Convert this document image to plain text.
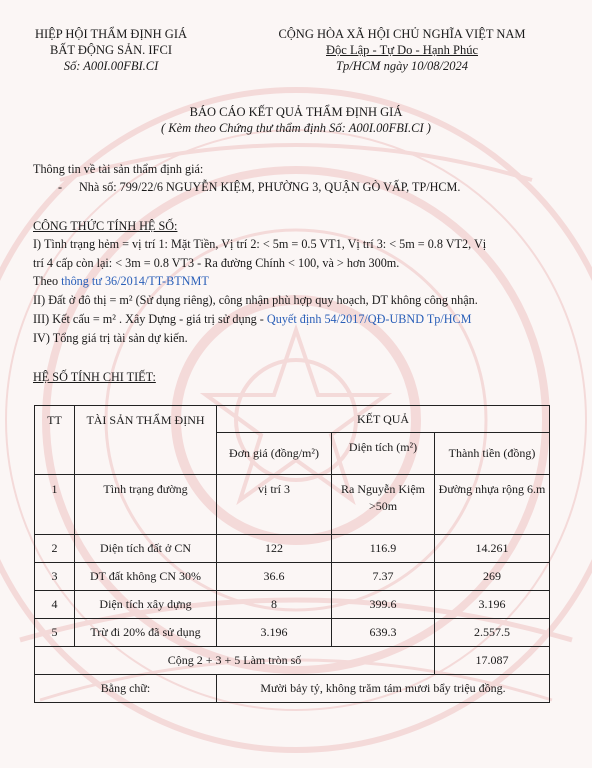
HIỆP HỘI THẨM ĐỊNH GIÁ
BẤT ĐỘNG SẢN. IFCI
Số: A00I.00FBI.CI
CỘNG HÒA XÃ HỘI CHỦ NGHĨA VIỆT NAM
Độc Lập - Tự Do - Hạnh Phúc
Tp/HCM ngày 10/08/2024
BÁO CÁO KẾT QUẢ THẨM ĐỊNH GIÁ
( Kèm theo Chứng thư thẩm định Số: A00I.00FBI.CI )
Thông tin về tài sản thẩm định giá:
- Nhà số: 799/22/6 NGUYỄN KIỆM, PHƯỜNG 3, QUẬN GÒ VẤP, TP/HCM.
CÔNG THỨC TÍNH HỆ SỐ:
I) Tình trạng hẻm = vị trí 1: Mặt Tiền, Vị trí 2: < 5m = 0.5 VT1, Vị trí 3: < 5m = 0.8 VT2, Vị
trí 4 cấp còn lại: < 3m = 0.8 VT3 - Ra đường Chính < 100, và > hơn 300m.
Theo thông tư 36/2014/TT-BTNMT
II) Đất ở đô thị = m² (Sử dụng riêng), công nhận phù hợp quy hoạch, DT không công nhận.
III) Kết cấu = m² . Xây Dựng - giá trị sử dụng - Quyết định 54/2017/QĐ-UBND Tp/HCM
IV) Tổng giá trị tài sản dự kiến.
HỆ SỐ TÍNH CHI TIẾT:
TT	TÀI SẢN THẨM ĐỊNH	KẾT QUẢ		
		Đơn giá (đồng/m²)	Diện tích (m²)	Thành tiền (đồng)
1	Tình trạng đường	vị trí 3	Ra Nguyễn Kiệm >50m	Đường nhựa rộng 6.m
2	Diện tích đất ở CN	122	116.9	14.261
3	DT đất không CN 30%	36.6	7.37	269
4	Diện tích xây dựng	8	399.6	3.196
5	Trừ đi 20% đã sử dụng	3.196	639.3	2.557.5
Cộng 2 + 3 + 5 Làm tròn số				17.087
Bằng chữ:		Mười bảy tỷ, không trăm tám mươi bẩy triệu đồng.		
